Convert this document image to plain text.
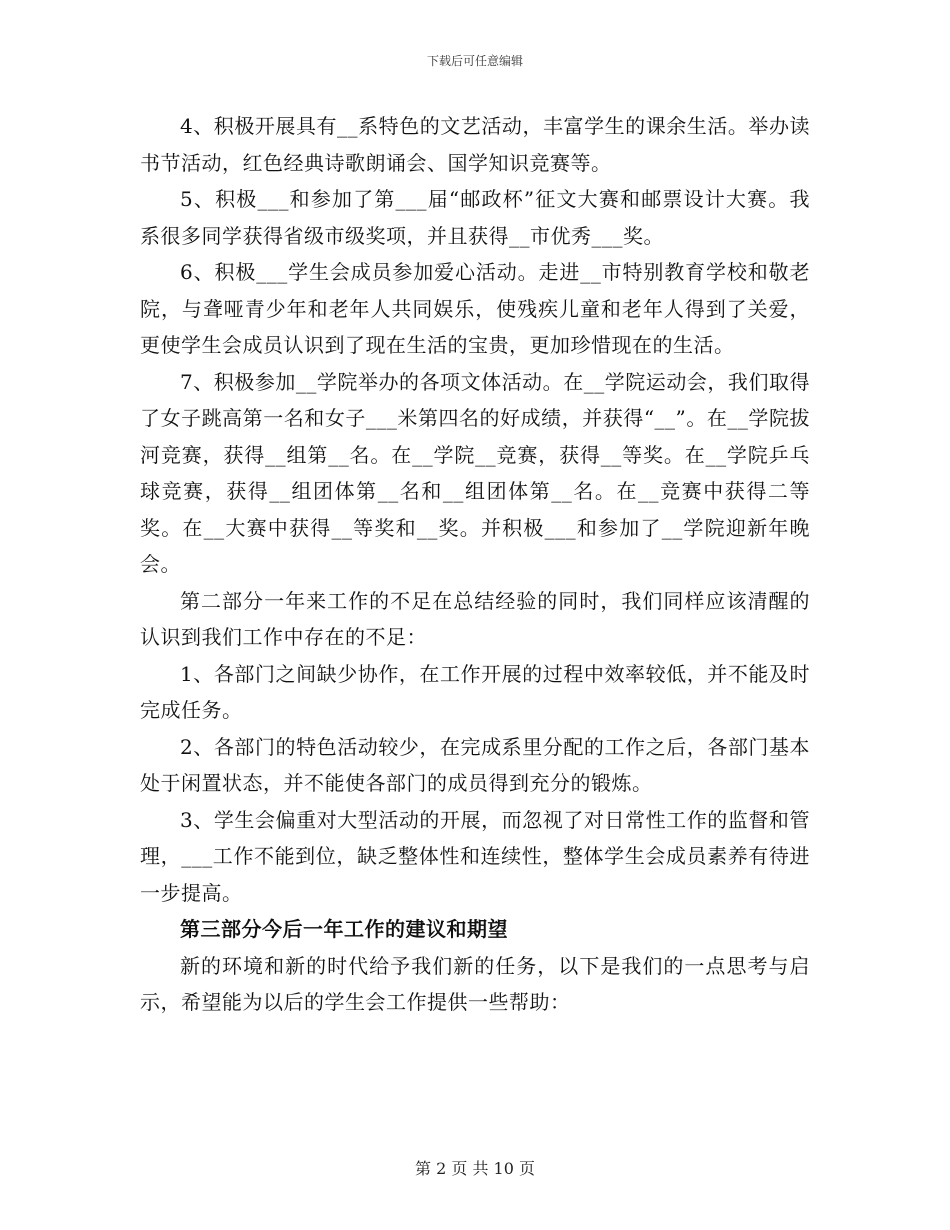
下载后可任意编辑

4、积极开展具有__系特色的文艺活动，丰富学生的课余生活。举办读书节活动，红色经典诗歌朗诵会、国学知识竞赛等。

5、积极___和参加了第___届“邮政杯”征文大赛和邮票设计大赛。我系很多同学获得省级市级奖项，并且获得__市优秀___奖。

6、积极___学生会成员参加爱心活动。走进__市特别教育学校和敬老院，与聋哑青少年和老年人共同娱乐，使残疾儿童和老年人得到了关爱，更使学生会成员认识到了现在生活的宝贵，更加珍惜现在的生活。

7、积极参加__学院举办的各项文体活动。在__学院运动会，我们取得了女子跳高第一名和女子___米第四名的好成绩，并获得“__”。在__学院拔河竞赛，获得__组第__名。在__学院__竞赛，获得__等奖。在__学院乒乓球竞赛，获得__组团体第__名和__组团体第__名。在__竞赛中获得二等奖。在__大赛中获得__等奖和__奖。并积极___和参加了__学院迎新年晚会。

第二部分一年来工作的不足在总结经验的同时，我们同样应该清醒的认识到我们工作中存在的不足：

1、各部门之间缺少协作，在工作开展的过程中效率较低，并不能及时完成任务。

2、各部门的特色活动较少，在完成系里分配的工作之后，各部门基本处于闲置状态，并不能使各部门的成员得到充分的锻炼。

3、学生会偏重对大型活动的开展，而忽视了对日常性工作的监督和管理，___工作不能到位，缺乏整体性和连续性，整体学生会成员素养有待进一步提高。

第三部分今后一年工作的建议和期望

新的环境和新的时代给予我们新的任务，以下是我们的一点思考与启示，希望能为以后的学生会工作提供一些帮助：

第 2 页 共 10 页
